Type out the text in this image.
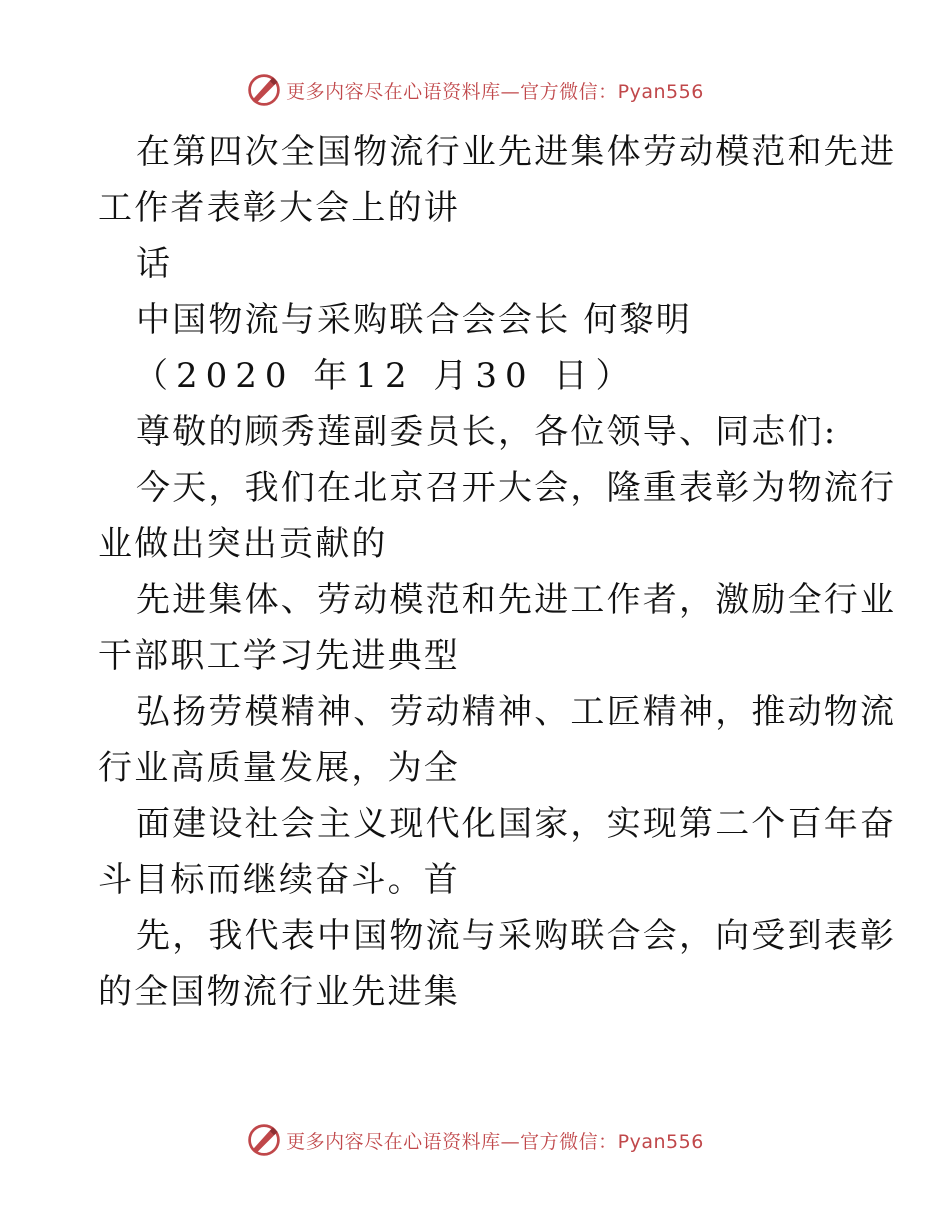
更多内容尽在心语资料库—官方微信：Pyan556
在第四次全国物流行业先进集体劳动模范和先进
工作者表彰大会上的讲
话
中国物流与采购联合会会长 何黎明
（2020 年12 月30 日）
尊敬的顾秀莲副委员长，各位领导、同志们:
今天，我们在北京召开大会，隆重表彰为物流行
业做出突出贡献的
先进集体、劳动模范和先进工作者，激励全行业
干部职工学习先进典型
弘扬劳模精神、劳动精神、工匠精神，推动物流
行业高质量发展，为全
面建设社会主义现代化国家，实现第二个百年奋
斗目标而继续奋斗。首
先，我代表中国物流与采购联合会，向受到表彰
的全国物流行业先进集
更多内容尽在心语资料库—官方微信：Pyan556
